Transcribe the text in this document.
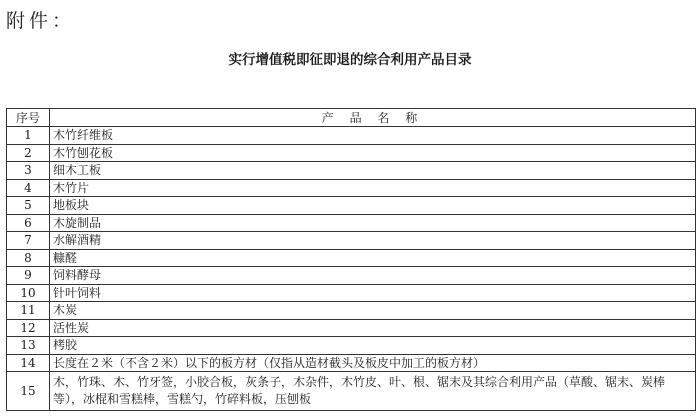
附件：
实行增值税即征即退的综合利用产品目录
序号	产 品 名 称
1	木竹纤维板
2	木竹刨花板
3	细木工板
4	木竹片
5	地板块
6	木旋制品
7	水解酒精
8	糠醛
9	饲料酵母
10	针叶饲料
11	木炭
12	活性炭
13	栲胶
14	长度在２米（不含２米）以下的板方材（仅指从造材截头及板皮中加工的板方材）
15	木，竹珠、木、竹牙签，小胶合板，灰条子，木杂件，木竹皮、叶、根、锯末及其综合利用产品（草酸、锯末、炭棒等），冰棍和雪糕棒，雪糕勺，竹碎料板，压刨板
